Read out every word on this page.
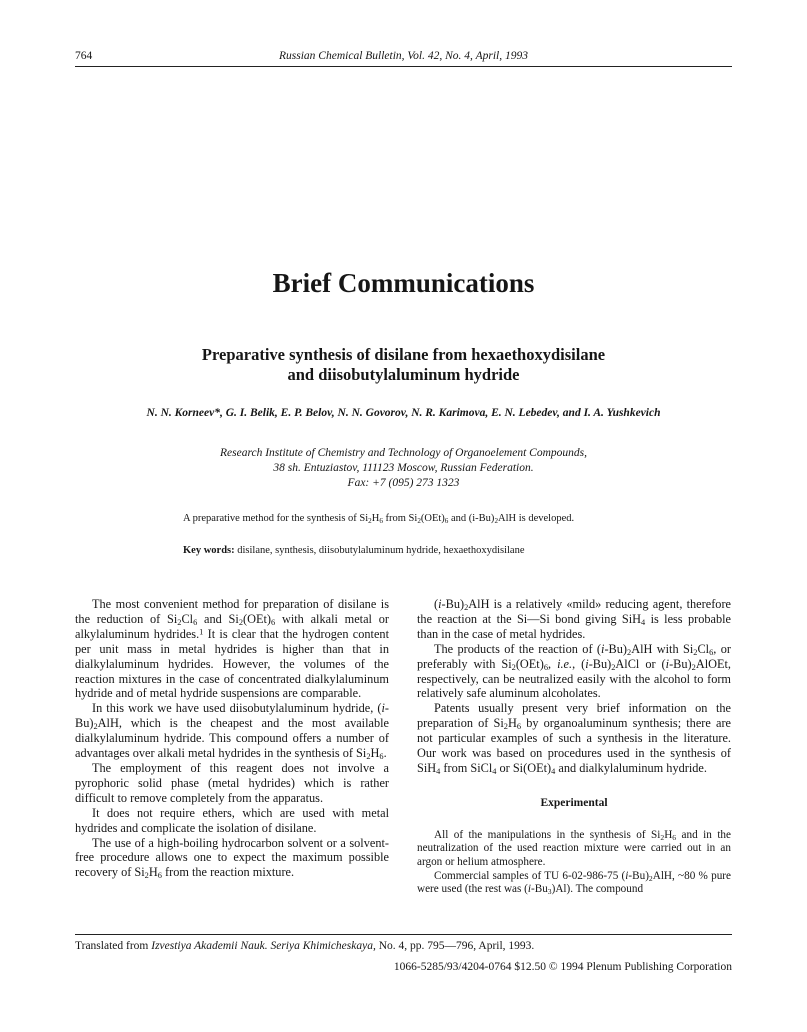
764	Russian Chemical Bulletin, Vol. 42, No. 4, April, 1993
Brief Communications
Preparative synthesis of disilane from hexaethoxydisilane
and diisobutylaluminum hydride
N. N. Korneev*, G. I. Belik, E. P. Belov, N. N. Govorov, N. R. Karimova, E. N. Lebedev, and I. A. Yushkevich
Research Institute of Chemistry and Technology of Organoelement Compounds,
38 sh. Entuziastov, 111123 Moscow, Russian Federation.
Fax: +7 (095) 273 1323
A preparative method for the synthesis of $Si_2H_6$ from $Si_2(OEt)_6$ and $(i-Bu)_2AlH$ is developed.
Key words: disilane, synthesis, diisobutylaluminum hydride, hexaethoxydisilane

The most convenient method for preparation of disilane is the reduction of $Si_2Cl_6$ and $Si_2(OEt)_6$ with alkali metal or alkylaluminum hydrides.$^1$ It is clear that the hydrogen content per unit mass in metal hydrides is higher than that in dialkylaluminum hydrides. However, the volumes of the reaction mixtures in the case of concentrated dialkylaluminum hydride and of metal hydride suspensions are comparable.

In this work we have used diisobutylaluminum hydride, $(i-Bu)_2AlH$, which is the cheapest and the most available dialkylaluminum hydride. This compound offers a number of advantages over alkali metal hydrides in the synthesis of $Si_2H_6$.

The employment of this reagent does not involve a pyrophoric solid phase (metal hydrides) which is rather difficult to remove completely from the apparatus.

It does not require ethers, which are used with metal hydrides and complicate the isolation of disilane.

The use of a high-boiling hydrocarbon solvent or a solvent-free procedure allows one to expect the maximum possible recovery of $Si_2H_6$ from the reaction mixture.

$(i-Bu)_2AlH$ is a relatively «mild» reducing agent, therefore the reaction at the Si—Si bond giving SiH$_4$ is less probable than in the case of metal hydrides.

The products of the reaction of $(i-Bu)_2AlH$ with $Si_2Cl_6$, or preferably with $Si_2(OEt)_6$, i.e., $(i-Bu)_2AlCl$ or $(i-Bu)_2AlOEt$, respectively, can be neutralized easily with the alcohol to form relatively safe aluminum alcoholates.

Patents usually present very brief information on the preparation of $Si_2H_6$ by organoaluminum synthesis; there are not particular examples of such a synthesis in the literature. Our work was based on procedures used in the synthesis of SiH$_4$ from SiCl$_4$ or $Si(OEt)_4$ and dialkylaluminum hydride.

Experimental

All of the manipulations in the synthesis of $Si_2H_6$ and in the neutralization of the used reaction mixture were carried out in an argon or helium atmosphere.

Commercial samples of TU 6-02-986-75 $(i-Bu)_2AlH$, ~80 % pure were used (the rest was $(i-Bu_3)Al$). The compound

Translated from Izvestiya Akademii Nauk. Seriya Khimicheskaya, No. 4, pp. 795—796, April, 1993.
1066-5285/93/4204-0764 $12.50 © 1994 Plenum Publishing Corporation
